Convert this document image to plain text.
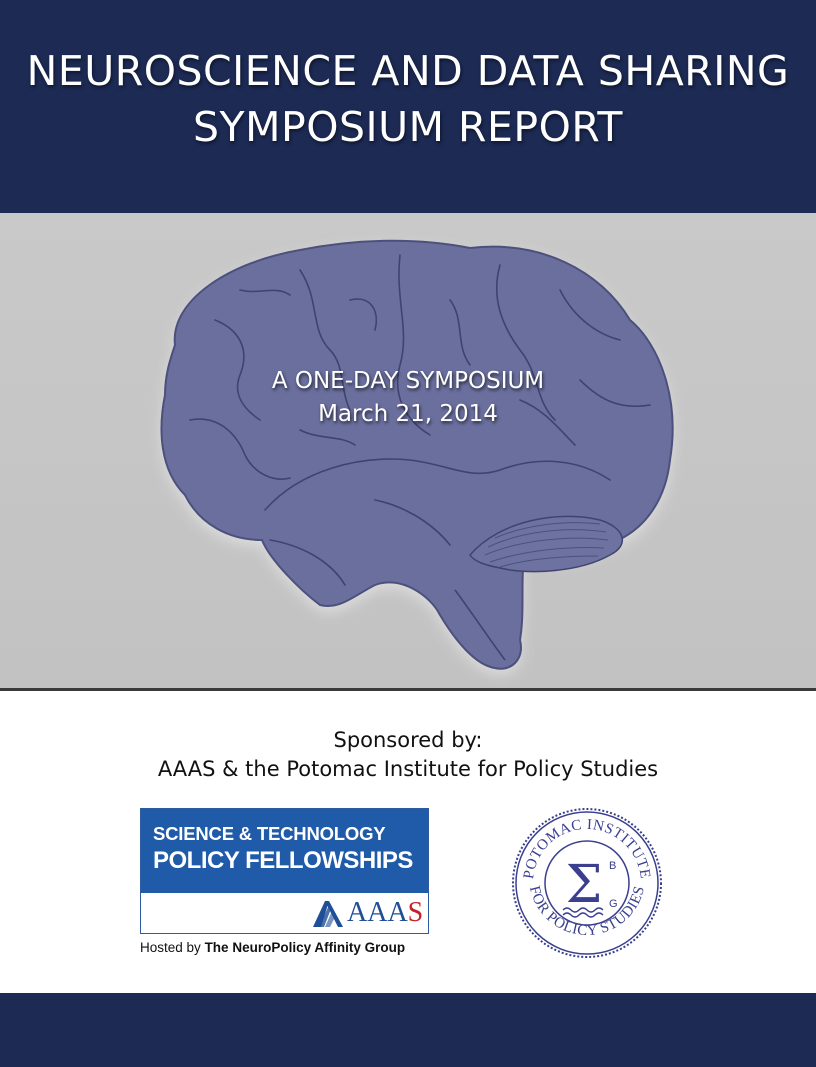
NEUROSCIENCE AND DATA SHARING
SYMPOSIUM REPORT
A ONE-DAY SYMPOSIUM
March 21, 2014
Sponsored by:
AAAS & the Potomac Institute for Policy Studies
SCIENCE & TECHNOLOGY
POLICY FELLOWSHIPS
AAAS
Hosted by The NeuroPolicy Affinity Group
POTOMAC INSTITUTE
FOR POLICY STUDIES
Σ B
G
